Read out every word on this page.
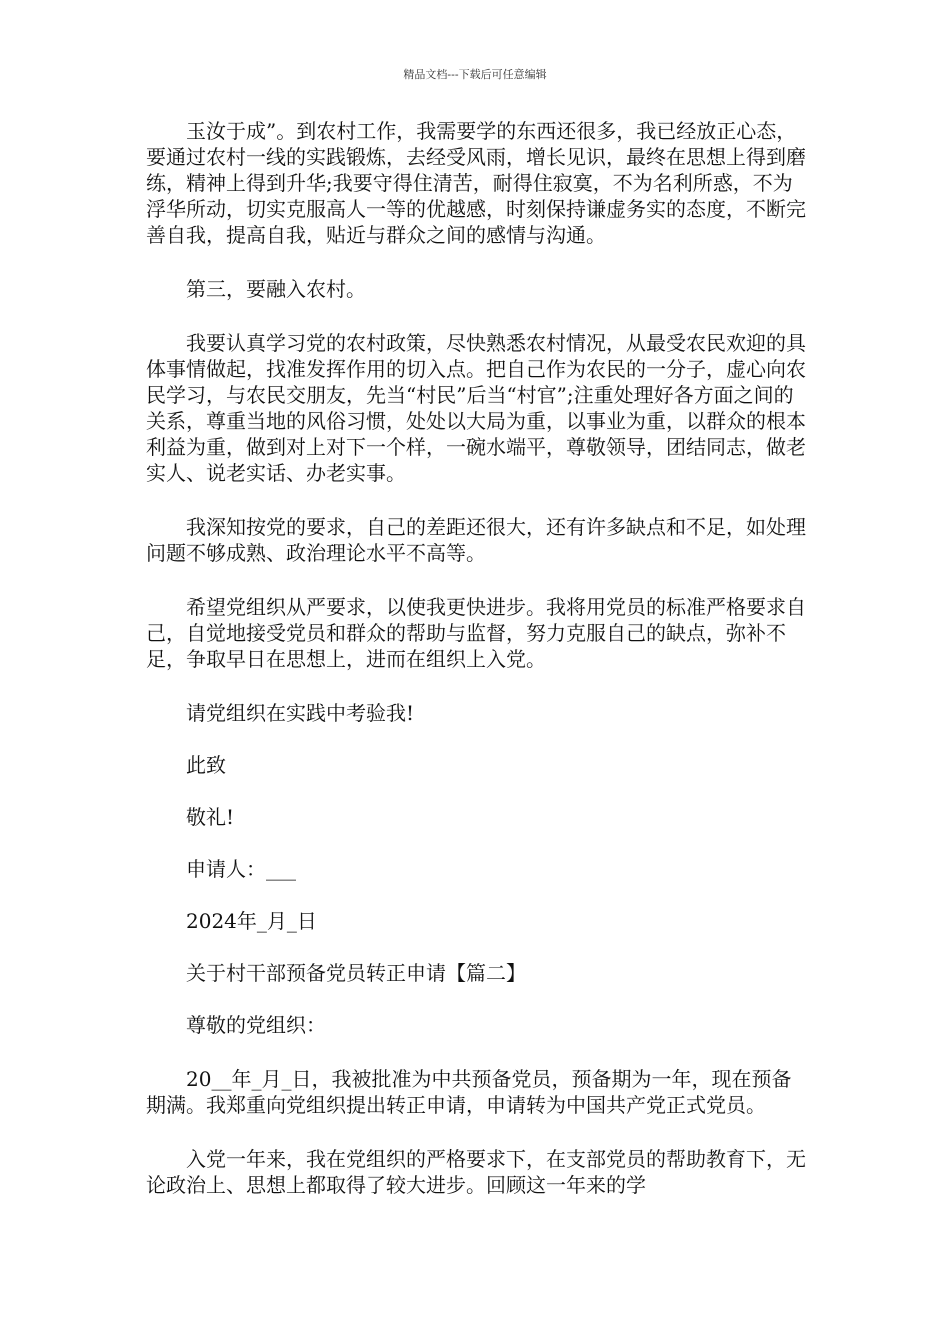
精品文档---下载后可任意编辑

玉汝于成”。到农村工作，我需要学的东西还很多，我已经放正心态，要通过农村一线的实践锻炼，去经受风雨，增长见识，最终在思想上得到磨练，精神上得到升华;我要守得住清苦，耐得住寂寞，不为名利所惑，不为浮华所动，切实克服高人一等的优越感，时刻保持谦虚务实的态度，不断完善自我，提高自我，贴近与群众之间的感情与沟通。

第三，要融入农村。

我要认真学习党的农村政策，尽快熟悉农村情况，从最受农民欢迎的具体事情做起，找准发挥作用的切入点。把自己作为农民的一分子，虚心向农民学习，与农民交朋友，先当“村民”后当“村官”;注重处理好各方面之间的关系，尊重当地的风俗习惯，处处以大局为重，以事业为重，以群众的根本利益为重，做到对上对下一个样，一碗水端平，尊敬领导，团结同志，做老实人、说老实话、办老实事。

我深知按党的要求，自己的差距还很大，还有许多缺点和不足，如处理问题不够成熟、政治理论水平不高等。

希望党组织从严要求，以使我更快进步。我将用党员的标准严格要求自己，自觉地接受党员和群众的帮助与监督，努力克服自己的缺点，弥补不足，争取早日在思想上，进而在组织上入党。

请党组织在实践中考验我!

此致

敬礼!

申请人：___

2024年_月_日

关于村干部预备党员转正申请【篇二】

尊敬的党组织：

20__年_月_日，我被批准为中共预备党员，预备期为一年，现在预备期满。我郑重向党组织提出转正申请，申请转为中国共产党正式党员。

入党一年来，我在党组织的严格要求下，在支部党员的帮助教育下，无论政治上、思想上都取得了较大进步。回顾这一年来的学
